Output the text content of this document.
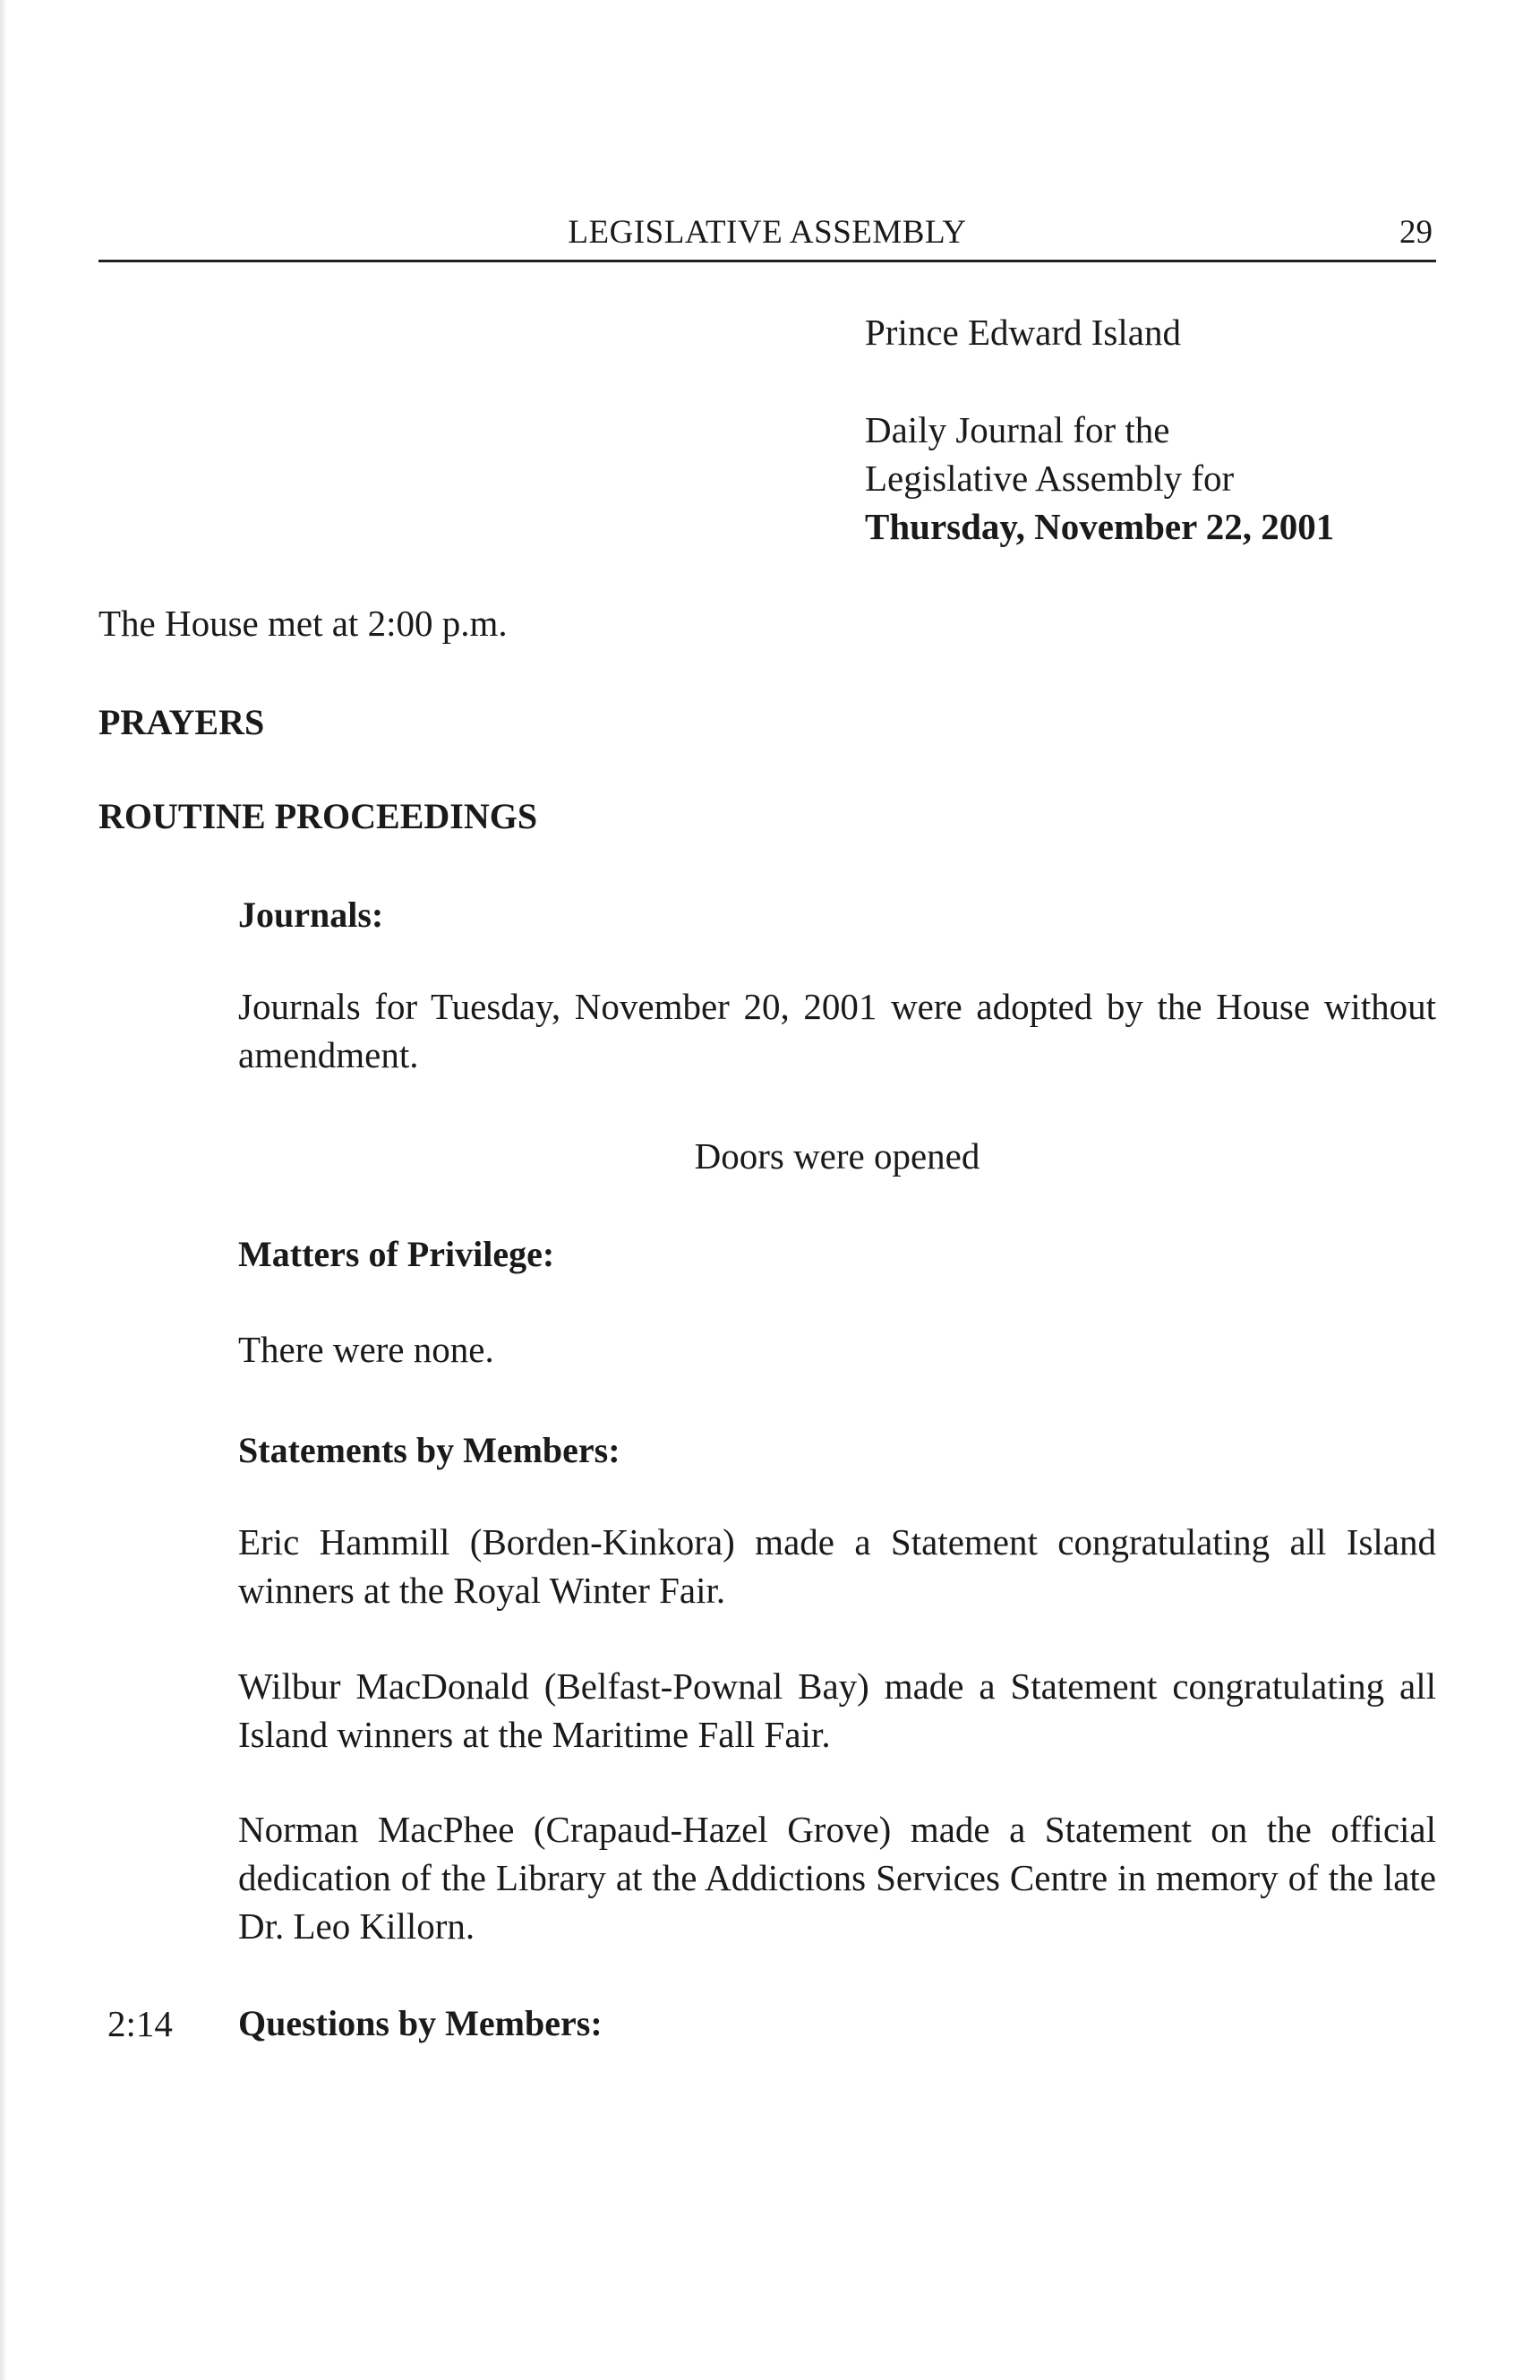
LEGISLATIVE ASSEMBLY	29
Prince Edward Island
Daily Journal for the
Legislative Assembly for
Thursday, November 22, 2001
The House met at 2:00 p.m.
PRAYERS
ROUTINE PROCEEDINGS
Journals:

Journals for Tuesday, November 20, 2001 were adopted by the House without amendment.

Doors were opened
Matters of Privilege:
There were none.
Statements by Members:

Eric Hammill (Borden-Kinkora) made a Statement congratulating all Island winners at the Royal Winter Fair.

Wilbur MacDonald (Belfast-Pownal Bay) made a Statement congratulating all Island winners at the Maritime Fall Fair.

Norman MacPhee (Crapaud-Hazel Grove) made a Statement on the official dedication of the Library at the Addictions Services Centre in memory of the late Dr. Leo Killorn.

2:14 Questions by Members:
